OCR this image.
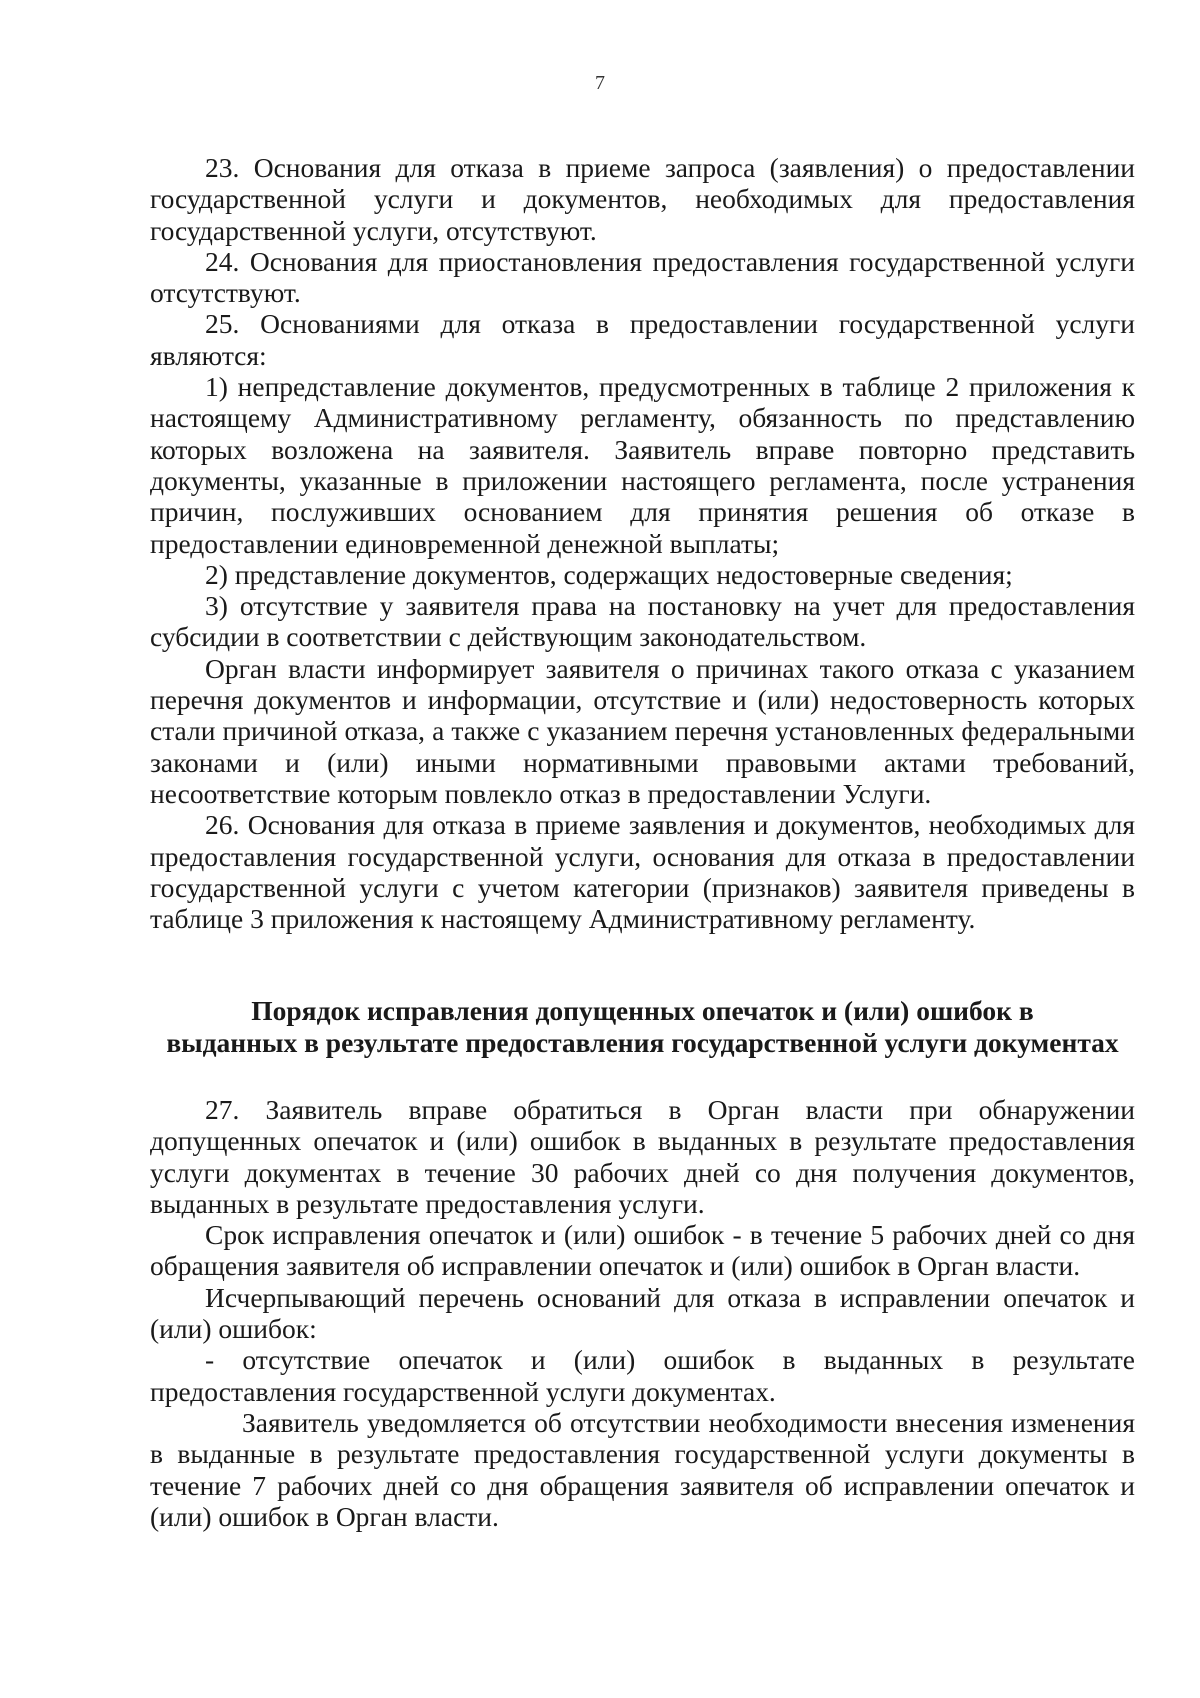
7

23. Основания для отказа в приеме запроса (заявления) о предоставлении государственной услуги и документов, необходимых для предоставления государственной услуги, отсутствуют.

24. Основания для приостановления предоставления государственной услуги отсутствуют.

25. Основаниями для отказа в предоставлении государственной услуги являются:

1) непредставление документов, предусмотренных в таблице 2 приложения к настоящему Административному регламенту, обязанность по представлению которых возложена на заявителя. Заявитель вправе повторно представить документы, указанные в приложении настоящего регламента, после устранения причин, послуживших основанием для принятия решения об отказе в предоставлении единовременной денежной выплаты;

2) представление документов, содержащих недостоверные сведения;

3) отсутствие у заявителя права на постановку на учет для предоставления субсидии в соответствии с действующим законодательством.

Орган власти информирует заявителя о причинах такого отказа с указанием перечня документов и информации, отсутствие и (или) недостоверность которых стали причиной отказа, а также с указанием перечня установленных федеральными законами и (или) иными нормативными правовыми актами требований, несоответствие которым повлекло отказ в предоставлении Услуги.

26. Основания для отказа в приеме заявления и документов, необходимых для предоставления государственной услуги, основания для отказа в предоставлении государственной услуги с учетом категории (признаков) заявителя приведены в таблице 3 приложения к настоящему Административному регламенту.

Порядок исправления допущенных опечаток и (или) ошибок в
выданных в результате предоставления государственной услуги документах

27. Заявитель вправе обратиться в Орган власти при обнаружении допущенных опечаток и (или) ошибок в выданных в результате предоставления услуги документах в течение 30 рабочих дней со дня получения документов, выданных в результате предоставления услуги.

Срок исправления опечаток и (или) ошибок - в течение 5 рабочих дней со дня обращения заявителя об исправлении опечаток и (или) ошибок в Орган власти.

Исчерпывающий перечень оснований для отказа в исправлении опечаток и (или) ошибок:

- отсутствие опечаток и (или) ошибок в выданных в результате предоставления государственной услуги документах.

Заявитель уведомляется об отсутствии необходимости внесения изменения в выданные в результате предоставления государственной услуги документы в течение 7 рабочих дней со дня обращения заявителя об исправлении опечаток и (или) ошибок в Орган власти.
